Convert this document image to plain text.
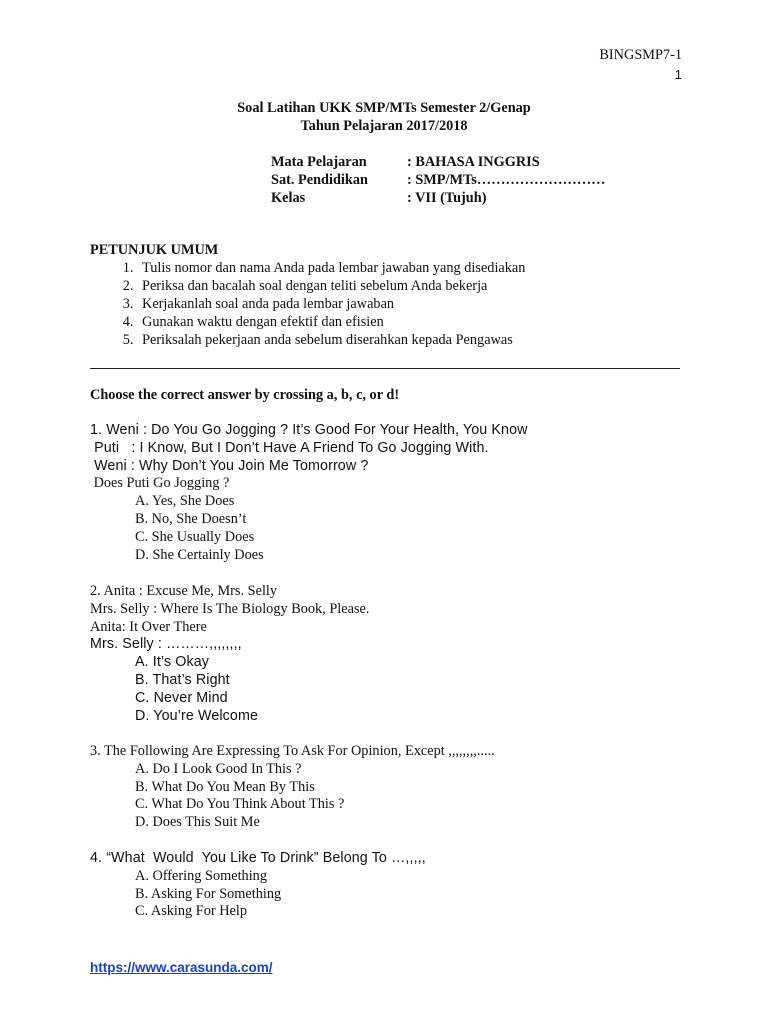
BINGSMP7-1
1
Soal Latihan UKK SMP/MTs Semester 2/Genap
Tahun Pelajaran 2017/2018
Mata Pelajaran	: BAHASA INGGRIS
Sat. Pendidikan	: SMP/MTs………………………
Kelas	: VII (Tujuh)
PETUNJUK UMUM
1. Tulis nomor dan nama Anda pada lembar jawaban yang disediakan
2. Periksa dan bacalah soal dengan teliti sebelum Anda bekerja
3. Kerjakanlah soal anda pada lembar jawaban
4. Gunakan waktu dengan efektif dan efisien
5. Periksalah pekerjaan anda sebelum diserahkan kepada Pengawas
Choose the correct answer by crossing a, b, c, or d!
1. Weni : Do You Go Jogging ? It’s Good For Your Health, You Know
Puti   : I Know, But I Don’t Have A Friend To Go Jogging With.
Weni : Why Don’t You Join Me Tomorrow ?
Does Puti Go Jogging ?
A. Yes, She Does
B. No, She Doesn’t
C. She Usually Does
D. She Certainly Does
2. Anita : Excuse Me, Mrs. Selly
Mrs. Selly : Where Is The Biology Book, Please.
Anita: It Over There
Mrs. Selly : ………,,,,,,,,
A. It’s Okay
B. That’s Right
C. Never Mind
D. You’re Welcome
3. The Following Are Expressing To Ask For Opinion, Except ,,,,,,,,.....
A. Do I Look Good In This ?
B. What Do You Mean By This
C. What Do You Think About This ?
D. Does This Suit Me
4. “What  Would  You Like To Drink” Belong To …,,,,,
A. Offering Something
B. Asking For Something
C. Asking For Help
https://www.carasunda.com/
